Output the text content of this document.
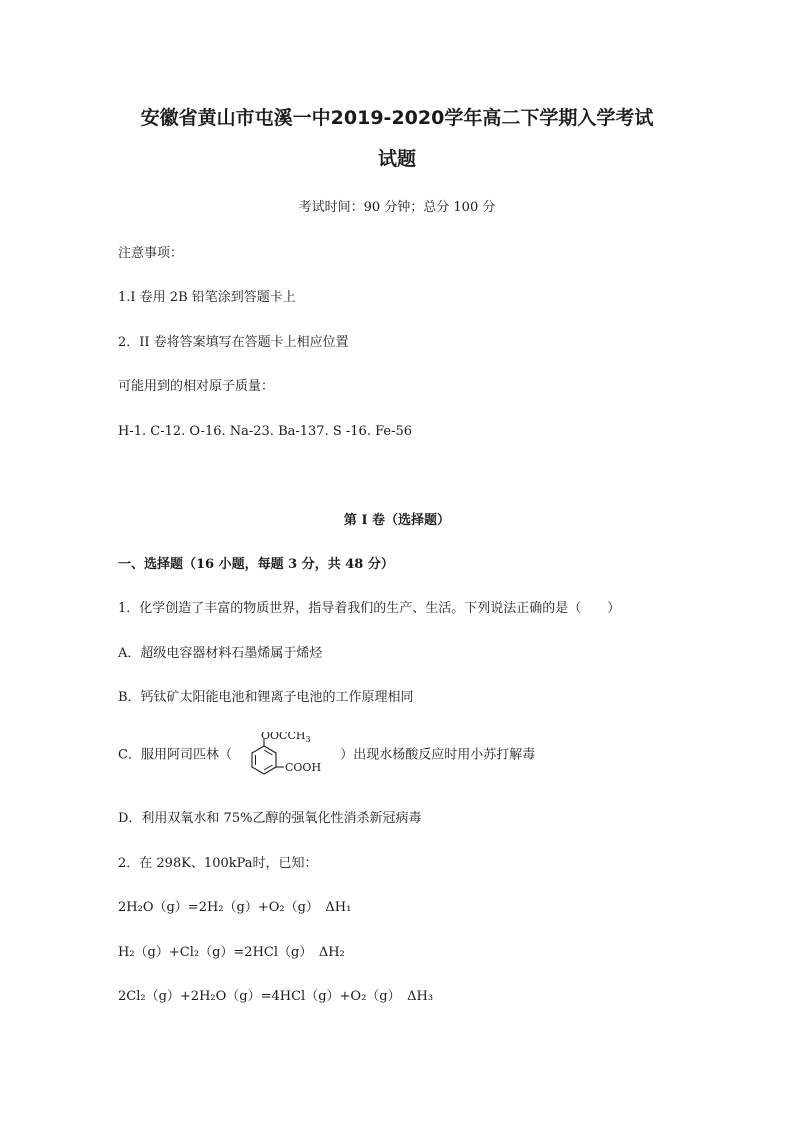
安徽省黄山市屯溪一中2019-2020学年高二下学期入学考试
试题
考试时间：90 分钟；总分 100 分
注意事项：
1.I 卷用 2B 铅笔涂到答题卡上
2．II 卷将答案填写在答题卡上相应位置
可能用到的相对原子质量：
H-1. C-12. O-16. Na-23. Ba-137. S -16. Fe-56
第 I 卷（选择题）
一、选择题（16 小题，每题 3 分，共 48 分）
1．化学创造了丰富的物质世界，指导着我们的生产、生活。下列说法正确的是（　　）
A．超级电容器材料石墨烯属于烯烃
B．钙钛矿太阳能电池和锂离子电池的工作原理相同
C．服用阿司匹林（
$OOCCH_3$
COOH
）出现水杨酸反应时用小苏打解毒
D．利用双氧水和 75%乙醇的强氧化性消杀新冠病毒
2．在 298K、100kPa时，已知：
2H₂O（g）=2H₂（g）+O₂（g）　ΔH₁
H₂（g）+Cl₂（g）=2HCl（g）　ΔH₂
2Cl₂（g）+2H₂O（g）=4HCl（g）+O₂（g）　ΔH₃
